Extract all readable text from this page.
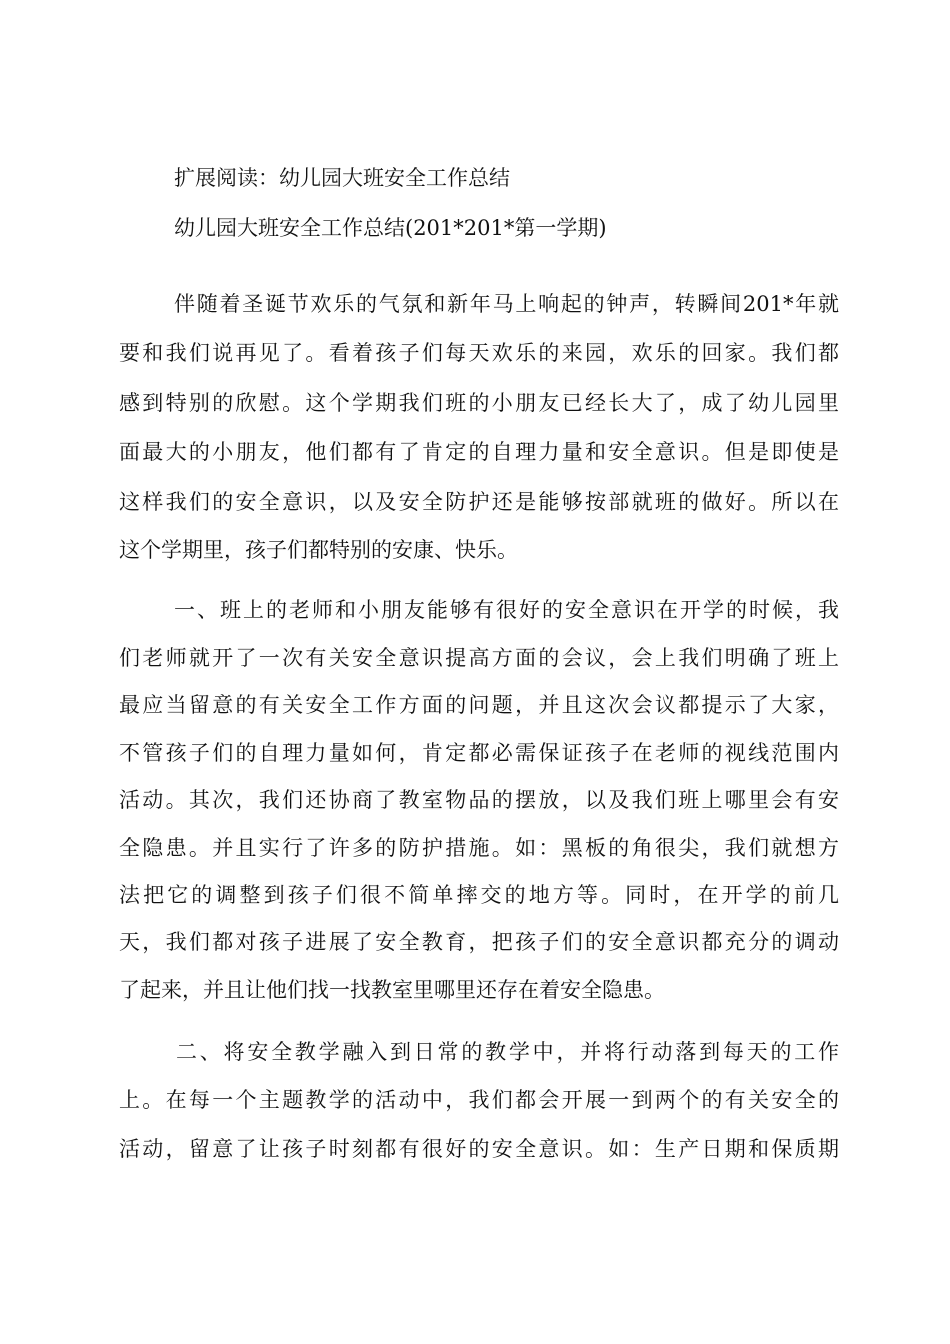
扩展阅读：幼儿园大班安全工作总结
幼儿园大班安全工作总结(201*201*第一学期)
伴随着圣诞节欢乐的气氛和新年马上响起的钟声，转瞬间201*年就
要和我们说再见了。看着孩子们每天欢乐的来园，欢乐的回家。我们都
感到特别的欣慰。这个学期我们班的小朋友已经长大了，成了幼儿园里
面最大的小朋友，他们都有了肯定的自理力量和安全意识。但是即使是
这样我们的安全意识，以及安全防护还是能够按部就班的做好。所以在
这个学期里，孩子们都特别的安康、快乐。
一、班上的老师和小朋友能够有很好的安全意识在开学的时候，我
们老师就开了一次有关安全意识提高方面的会议，会上我们明确了班上
最应当留意的有关安全工作方面的问题，并且这次会议都提示了大家，
不管孩子们的自理力量如何，肯定都必需保证孩子在老师的视线范围内
活动。其次，我们还协商了教室物品的摆放，以及我们班上哪里会有安
全隐患。并且实行了许多的防护措施。如：黑板的角很尖，我们就想方
法把它的调整到孩子们很不简单摔交的地方等。同时，在开学的前几
天，我们都对孩子进展了安全教育，把孩子们的安全意识都充分的调动
了起来，并且让他们找一找教室里哪里还存在着安全隐患。
二、将安全教学融入到日常的教学中，并将行动落到每天的工作
上。在每一个主题教学的活动中，我们都会开展一到两个的有关安全的
活动，留意了让孩子时刻都有很好的安全意识。如：生产日期和保质期
